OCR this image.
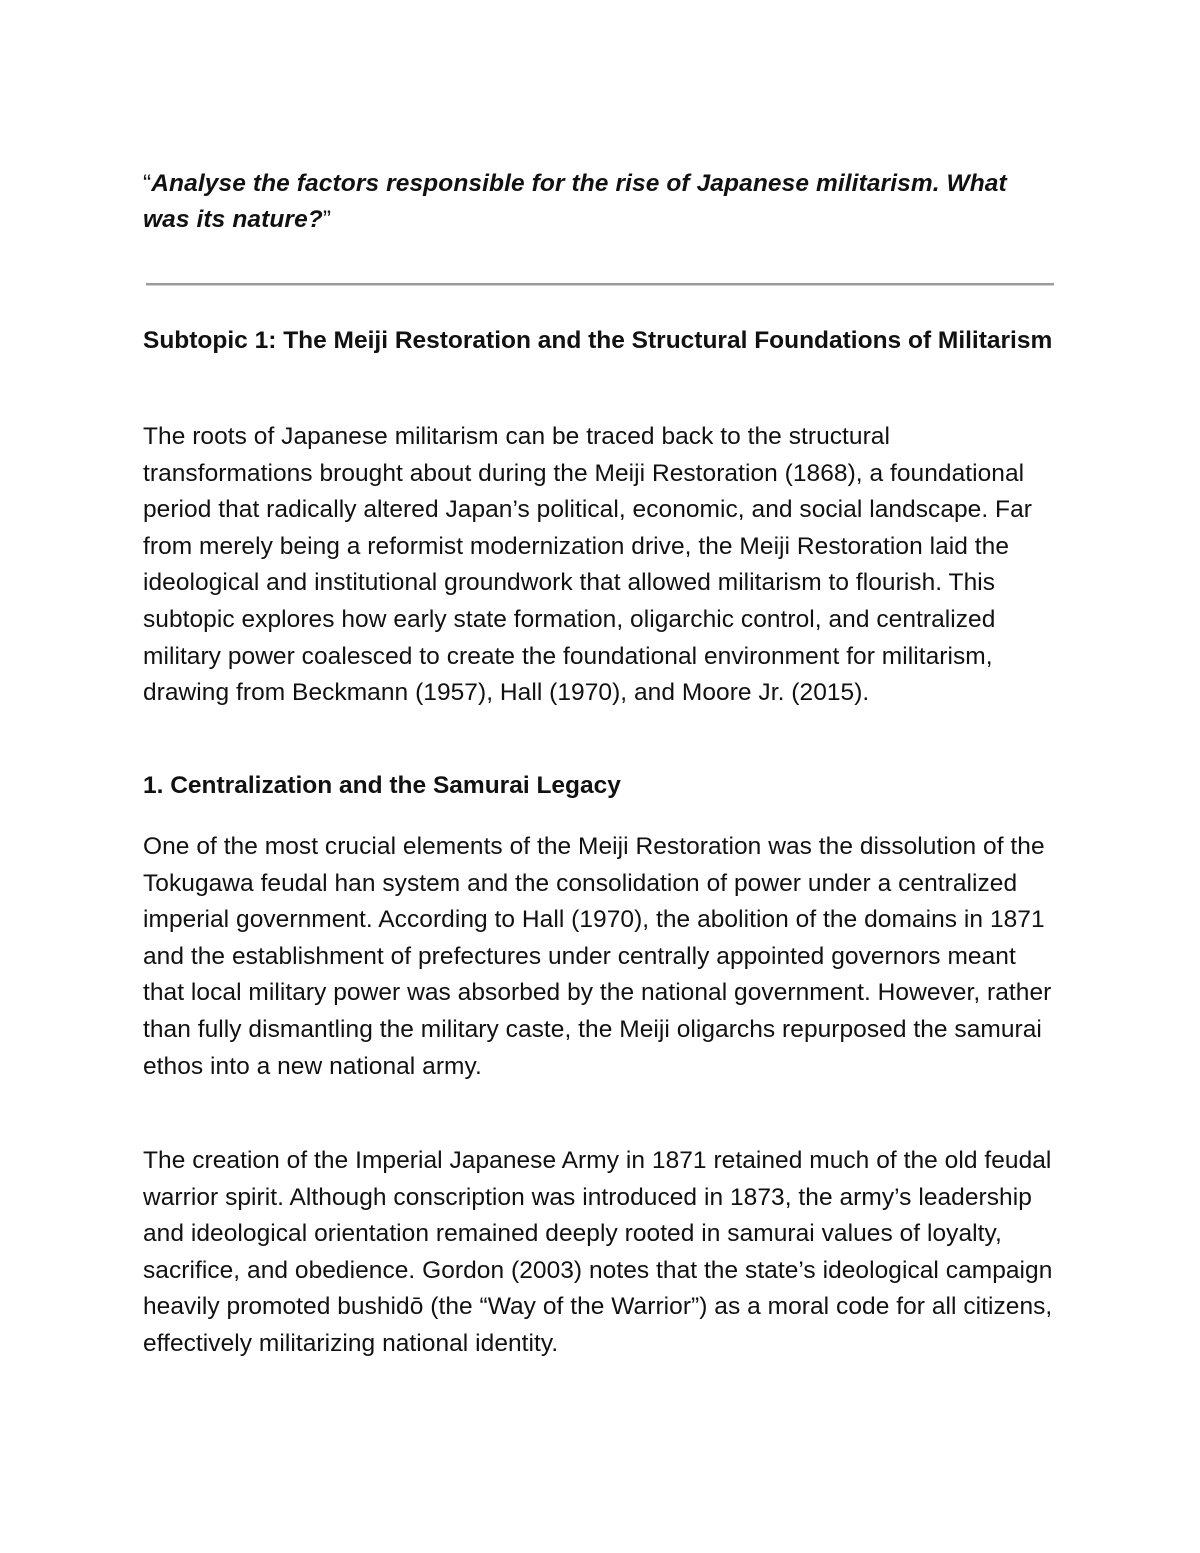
“Analyse the factors responsible for the rise of Japanese militarism. What was its nature?”

Subtopic 1: The Meiji Restoration and the Structural Foundations of Militarism

The roots of Japanese militarism can be traced back to the structural transformations brought about during the Meiji Restoration (1868), a foundational period that radically altered Japan’s political, economic, and social landscape. Far from merely being a reformist modernization drive, the Meiji Restoration laid the ideological and institutional groundwork that allowed militarism to flourish. This subtopic explores how early state formation, oligarchic control, and centralized military power coalesced to create the foundational environment for militarism, drawing from Beckmann (1957), Hall (1970), and Moore Jr. (2015).

1. Centralization and the Samurai Legacy

One of the most crucial elements of the Meiji Restoration was the dissolution of the Tokugawa feudal han system and the consolidation of power under a centralized imperial government. According to Hall (1970), the abolition of the domains in 1871 and the establishment of prefectures under centrally appointed governors meant that local military power was absorbed by the national government. However, rather than fully dismantling the military caste, the Meiji oligarchs repurposed the samurai ethos into a new national army.

The creation of the Imperial Japanese Army in 1871 retained much of the old feudal warrior spirit. Although conscription was introduced in 1873, the army’s leadership and ideological orientation remained deeply rooted in samurai values of loyalty, sacrifice, and obedience. Gordon (2003) notes that the state’s ideological campaign heavily promoted bushidō (the “Way of the Warrior”) as a moral code for all citizens, effectively militarizing national identity.
